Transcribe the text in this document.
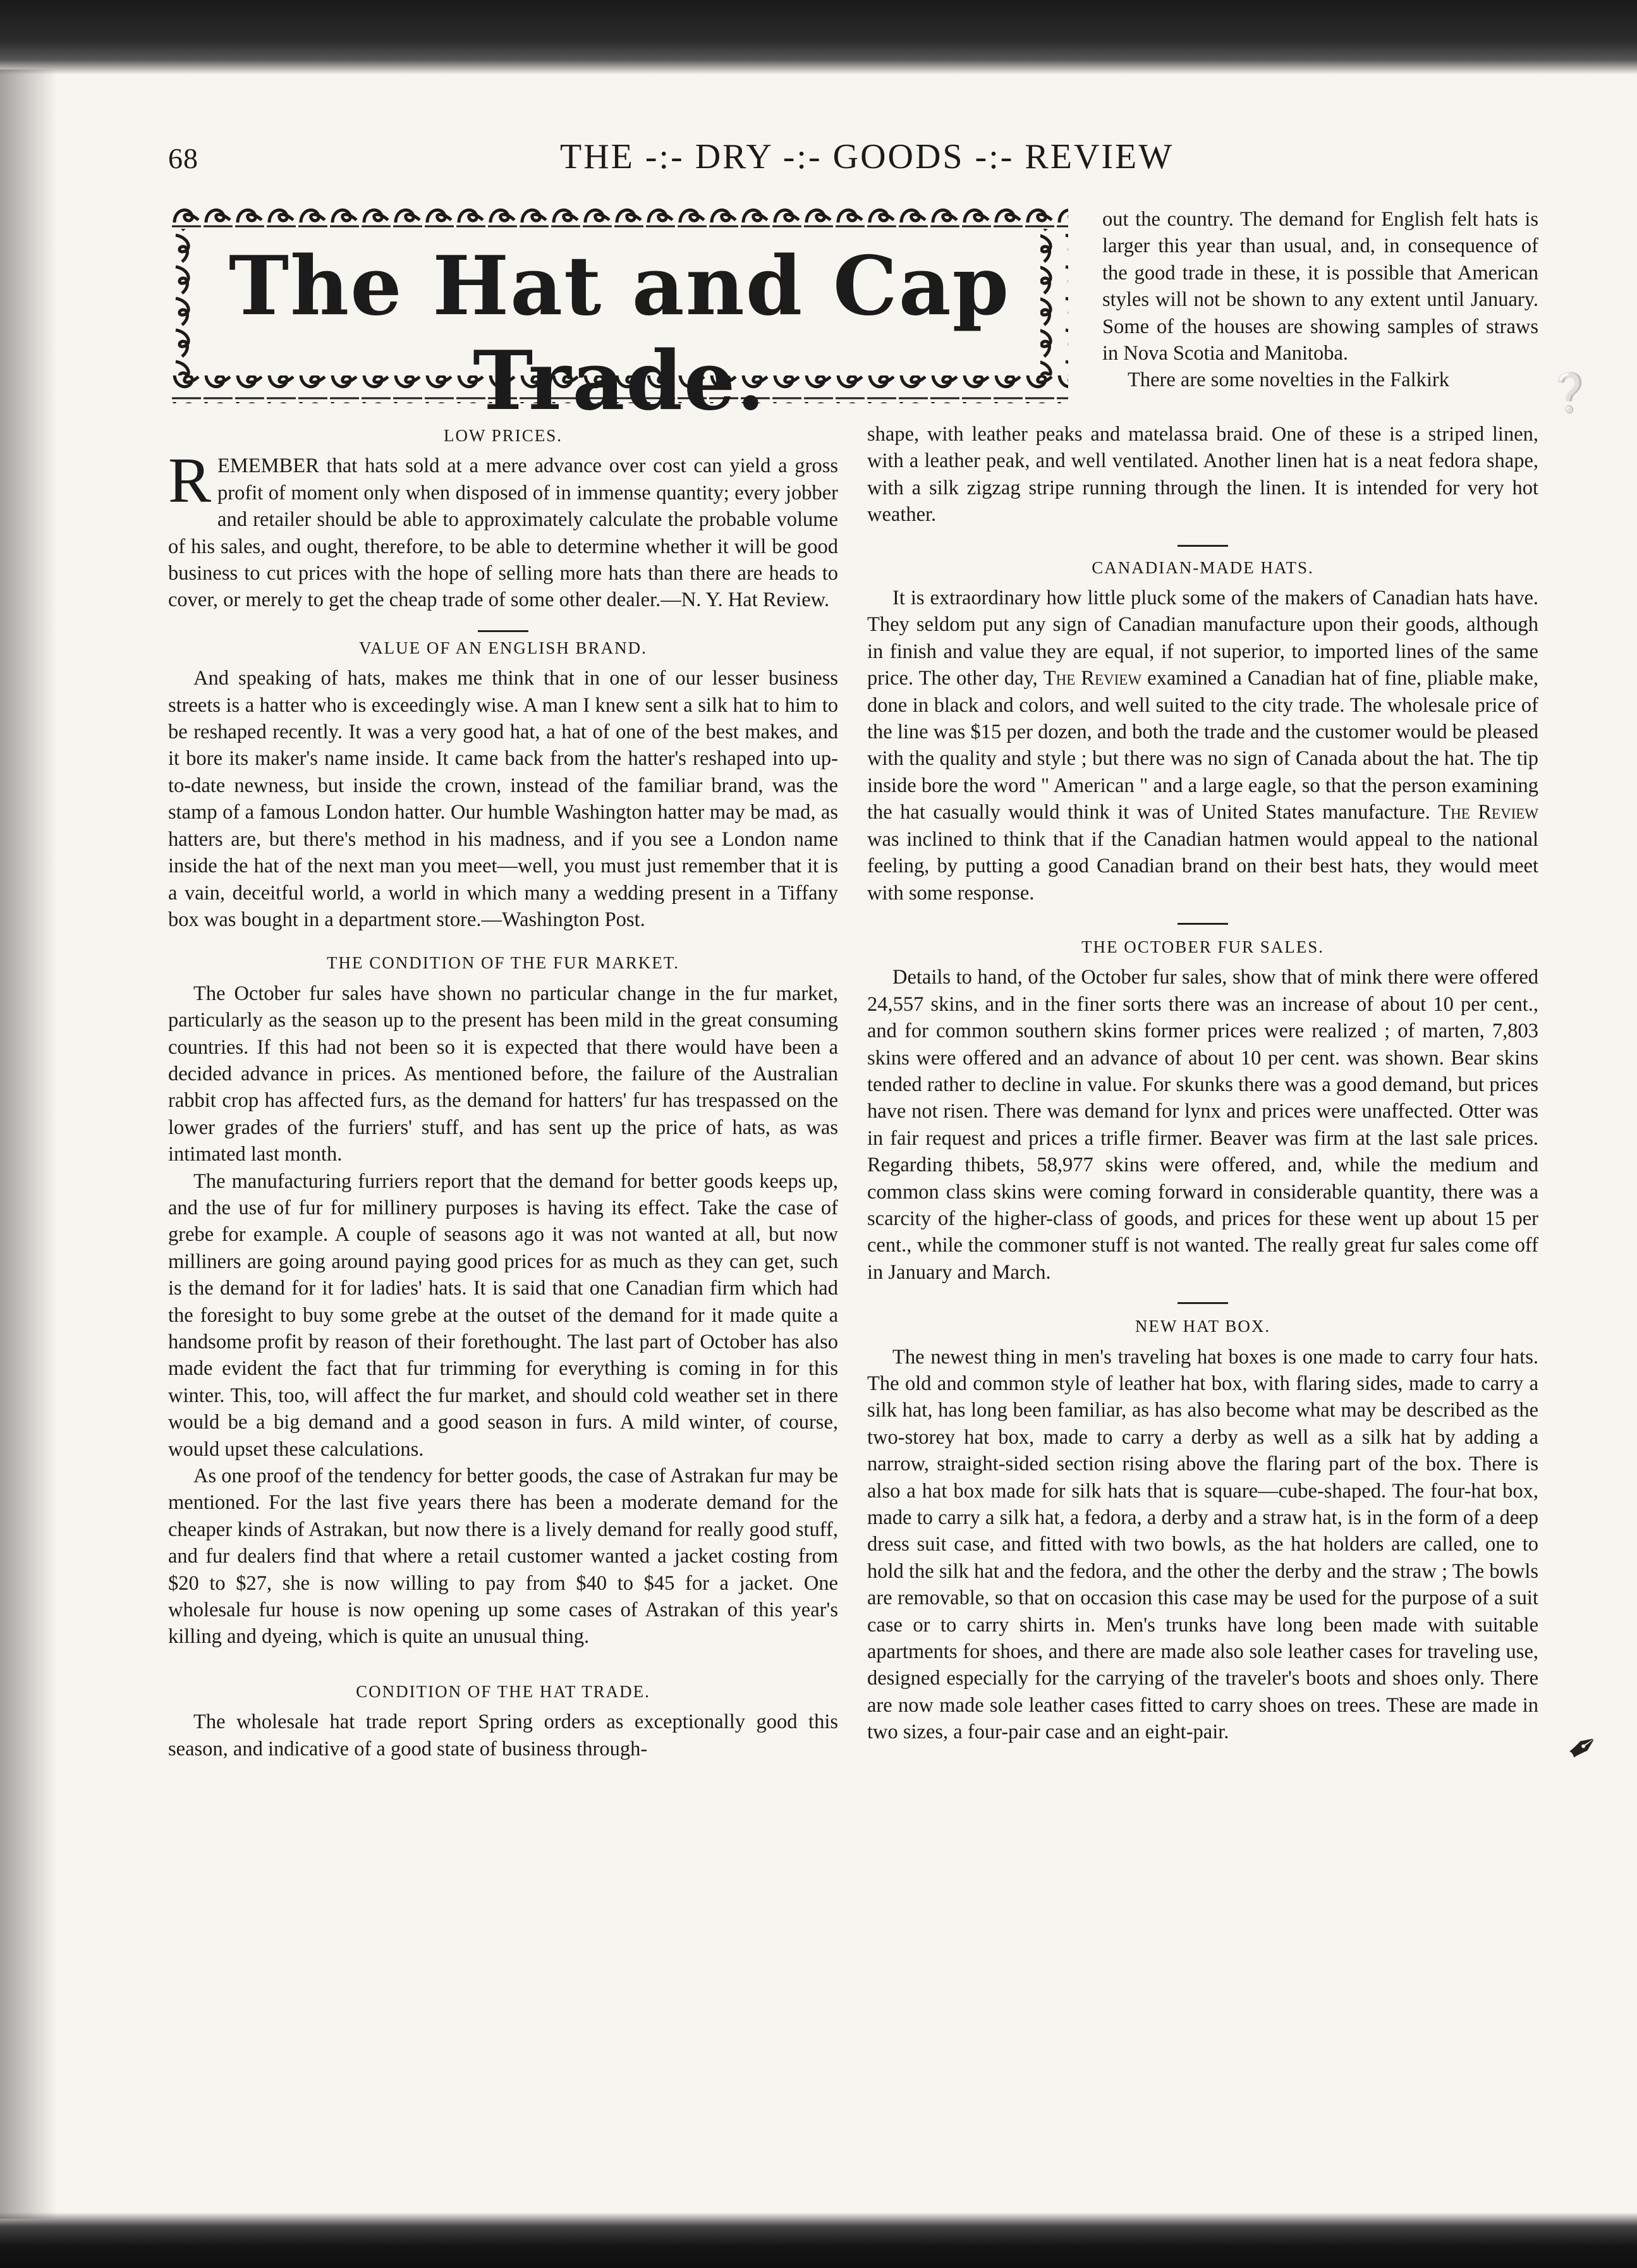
68	THE -:- DRY -:- GOODS -:- REVIEW
The Hat and Cap Trade.
LOW PRICES.

REMEMBER that hats sold at a mere advance over cost can yield a gross profit of moment only when disposed of in immense quantity; every jobber and retailer should be able to approximately calculate the probable volume of his sales, and ought, therefore, to be able to determine whether it will be good business to cut prices with the hope of selling more hats than there are heads to cover, or merely to get the cheap trade of some other dealer.—N. Y. Hat Review.

VALUE OF AN ENGLISH BRAND.

And speaking of hats, makes me think that in one of our lesser business streets is a hatter who is exceedingly wise. A man I knew sent a silk hat to him to be reshaped recently. It was a very good hat, a hat of one of the best makes, and it bore its maker's name inside. It came back from the hatter's reshaped into up-to-date newness, but inside the crown, instead of the familiar brand, was the stamp of a famous London hatter. Our humble Washington hatter may be mad, as hatters are, but there's method in his madness, and if you see a London name inside the hat of the next man you meet—well, you must just remember that it is a vain, deceitful world, a world in which many a wedding present in a Tiffany box was bought in a department store.—Washington Post.

THE CONDITION OF THE FUR MARKET.

The October fur sales have shown no particular change in the fur market, particularly as the season up to the present has been mild in the great consuming countries. If this had not been so it is expected that there would have been a decided advance in prices. As mentioned before, the failure of the Australian rabbit crop has affected furs, as the demand for hatters' fur has trespassed on the lower grades of the furriers' stuff, and has sent up the price of hats, as was intimated last month.

The manufacturing furriers report that the demand for better goods keeps up, and the use of fur for millinery purposes is having its effect. Take the case of grebe for example. A couple of seasons ago it was not wanted at all, but now milliners are going around paying good prices for as much as they can get, such is the demand for it for ladies' hats. It is said that one Canadian firm which had the foresight to buy some grebe at the outset of the demand for it made quite a handsome profit by reason of their forethought. The last part of October has also made evident the fact that fur trimming for everything is coming in for this winter. This, too, will affect the fur market, and should cold weather set in there would be a big demand and a good season in furs. A mild winter, of course, would upset these calculations.

As one proof of the tendency for better goods, the case of Astrakan fur may be mentioned. For the last five years there has been a moderate demand for the cheaper kinds of Astrakan, but now there is a lively demand for really good stuff, and fur dealers find that where a retail customer wanted a jacket costing from $20 to $27, she is now willing to pay from $40 to $45 for a jacket. One wholesale fur house is now opening up some cases of Astrakan of this year's killing and dyeing, which is quite an unusual thing.

CONDITION OF THE HAT TRADE.

The wholesale hat trade report Spring orders as exceptionally good this season, and indicative of a good state of business through-

out the country. The demand for English felt hats is larger this year than usual, and, in consequence of the good trade in these, it is possible that American styles will not be shown to any extent until January. Some of the houses are showing samples of straws in Nova Scotia and Manitoba.

There are some novelties in the Falkirk

shape, with leather peaks and matelassa braid. One of these is a striped linen, with a leather peak, and well ventilated. Another linen hat is a neat fedora shape, with a silk zigzag stripe running through the linen. It is intended for very hot weather.

CANADIAN-MADE HATS.

It is extraordinary how little pluck some of the makers of Canadian hats have. They seldom put any sign of Canadian manufacture upon their goods, although in finish and value they are equal, if not superior, to imported lines of the same price. The other day, The Review examined a Canadian hat of fine, pliable make, done in black and colors, and well suited to the city trade. The wholesale price of the line was $15 per dozen, and both the trade and the customer would be pleased with the quality and style ; but there was no sign of Canada about the hat. The tip inside bore the word " American " and a large eagle, so that the person examining the hat casually would think it was of United States manufacture. The Review was inclined to think that if the Canadian hatmen would appeal to the national feeling, by putting a good Canadian brand on their best hats, they would meet with some response.

THE OCTOBER FUR SALES.

Details to hand, of the October fur sales, show that of mink there were offered 24,557 skins, and in the finer sorts there was an increase of about 10 per cent., and for common southern skins former prices were realized ; of marten, 7,803 skins were offered and an advance of about 10 per cent. was shown. Bear skins tended rather to decline in value. For skunks there was a good demand, but prices have not risen. There was demand for lynx and prices were unaffected. Otter was in fair request and prices a trifle firmer. Beaver was firm at the last sale prices. Regarding thibets, 58,977 skins were offered, and, while the medium and common class skins were coming forward in considerable quantity, there was a scarcity of the higher-class of goods, and prices for these went up about 15 per cent., while the commoner stuff is not wanted. The really great fur sales come off in January and March.

NEW HAT BOX.

The newest thing in men's traveling hat boxes is one made to carry four hats. The old and common style of leather hat box, with flaring sides, made to carry a silk hat, has long been familiar, as has also become what may be described as the two-storey hat box, made to carry a derby as well as a silk hat by adding a narrow, straight-sided section rising above the flaring part of the box. There is also a hat box made for silk hats that is square—cube-shaped. The four-hat box, made to carry a silk hat, a fedora, a derby and a straw hat, is in the form of a deep dress suit case, and fitted with two bowls, as the hat holders are called, one to hold the silk hat and the fedora, and the other the derby and the straw ; The bowls are removable, so that on occasion this case may be used for the purpose of a suit case or to carry shirts in. Men's trunks have long been made with suitable apartments for shoes, and there are made also sole leather cases for traveling use, designed especially for the carrying of the traveler's boots and shoes only. There are now made sole leather cases fitted to carry shoes on trees. These are made in two sizes, a four-pair case and an eight-pair.

❔
✒
